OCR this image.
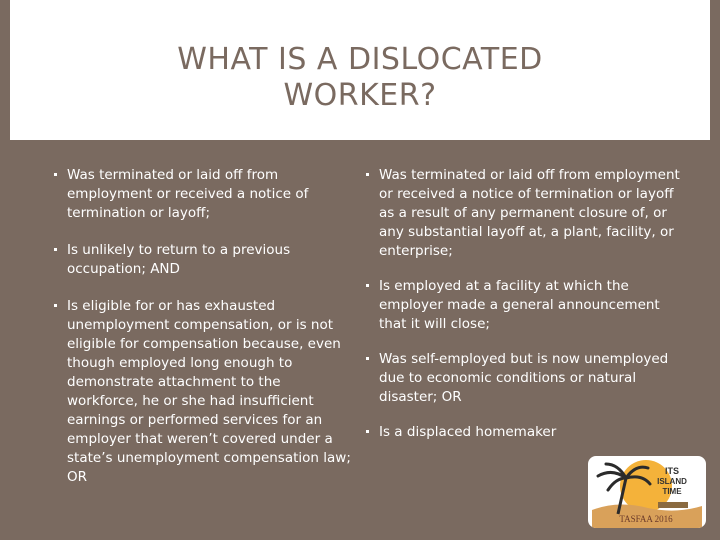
WHAT IS A DISLOCATED
WORKER?
Was terminated or laid off from employment or received a notice of termination or layoff;
Is unlikely to return to a previous occupation; AND
Is eligible for or has exhausted unemployment compensation, or is not eligible for compensation because, even though employed long enough to demonstrate attachment to the workforce, he or she had insufficient earnings or performed services for an employer that weren’t covered under a state’s unemployment compensation law; OR
Was terminated or laid off from employment or received a notice of termination or layoff as a result of any permanent closure of, or any substantial layoff at, a plant, facility, or enterprise;
Is employed at a facility at which the employer made a general announcement that it will close;
Was self-employed but is now unemployed due to economic conditions or natural disaster; OR
Is a displaced homemaker
ITS
ISLAND
TIME
TASFAA 2016
